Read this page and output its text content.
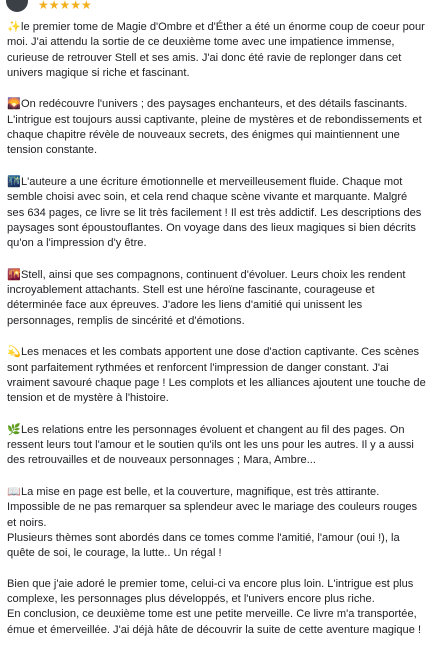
★★★★★

✨le premier tome de Magie d'Ombre et d'Éther a été un énorme coup de coeur pour moi. J'ai attendu la sortie de ce deuxième tome avec une impatience immense, curieuse de retrouver Stell et ses amis. J'ai donc été ravie de replonger dans cet univers magique si riche et fascinant.

🌄On redécouvre l'univers ; des paysages enchanteurs, et des détails fascinants. L'intrigue est toujours aussi captivante, pleine de mystères et de rebondissements et chaque chapitre révèle de nouveaux secrets, des énigmes qui maintiennent une tension constante.

🌃L'auteure a une écriture émotionnelle et merveilleusement fluide. Chaque mot semble choisi avec soin, et cela rend chaque scène vivante et marquante. Malgré ses 634 pages, ce livre se lit très facilement ! Il est très addictif. Les descriptions des paysages sont époustouflantes. On voyage dans des lieux magiques si bien décrits qu'on a l'impression d'y être.

🌇Stell, ainsi que ses compagnons, continuent d'évoluer. Leurs choix les rendent incroyablement attachants. Stell est une héroïne fascinante, courageuse et déterminée face aux épreuves. J'adore les liens d'amitié qui unissent les personnages, remplis de sincérité et d'émotions.

💫Les menaces et les combats apportent une dose d'action captivante. Ces scènes sont parfaitement rythmées et renforcent l'impression de danger constant. J'ai vraiment savouré chaque page ! Les complots et les alliances ajoutent une touche de tension et de mystère à l'histoire.

🌿Les relations entre les personnages évoluent et changent au fil des pages. On ressent leurs tout l'amour et le soutien qu'ils ont les uns pour les autres. Il y a aussi des retrouvailles et de nouveaux personnages ; Mara, Ambre...

📖La mise en page est belle, et la couverture, magnifique, est très attirante. Impossible de ne pas remarquer sa splendeur avec le mariage des couleurs rouges et noirs.
Plusieurs thèmes sont abordés dans ce tomes comme l'amitié, l'amour (oui !), la quête de soi, le courage, la lutte.. Un régal !

Bien que j'aie adoré le premier tome, celui-ci va encore plus loin. L'intrigue est plus complexe, les personnages plus développés, et l'univers encore plus riche.
En conclusion, ce deuxième tome est une petite merveille. Ce livre m'a transportée, émue et émerveillée. J'ai déjà hâte de découvrir la suite de cette aventure magique !
